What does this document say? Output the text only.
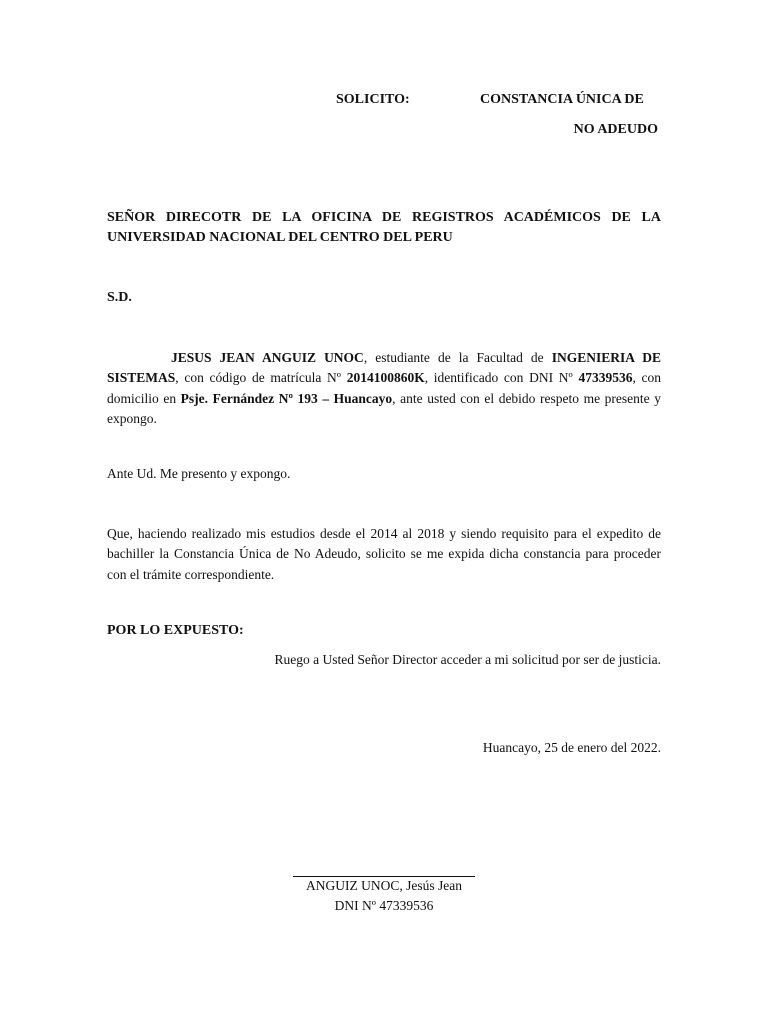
SOLICITO:	CONSTANCIA ÚNICA DE
NO ADEUDO
SEÑOR DIRECOTR DE LA OFICINA DE REGISTROS ACADÉMICOS DE LA
UNIVERSIDAD NACIONAL DEL CENTRO DEL PERU
S.D.
JESUS JEAN ANGUIZ UNOC, estudiante de la Facultad de INGENIERIA DE SISTEMAS, con código de matrícula Nº 2014100860K, identificado con DNI Nº 47339536, con domicilio en Psje. Fernández Nº 193 – Huancayo, ante usted con el debido respeto me presente y expongo.
Ante Ud. Me presento y expongo.
Que, haciendo realizado mis estudios desde el 2014 al 2018 y siendo requisito para el expedito de bachiller la Constancia Única de No Adeudo, solicito se me expida dicha constancia para proceder con el trámite correspondiente.
POR LO EXPUESTO:
Ruego a Usted Señor Director acceder a mi solicitud por ser de justicia.
Huancayo, 25 de enero del 2022.
ANGUIZ UNOC, Jesús Jean
DNI Nº 47339536
